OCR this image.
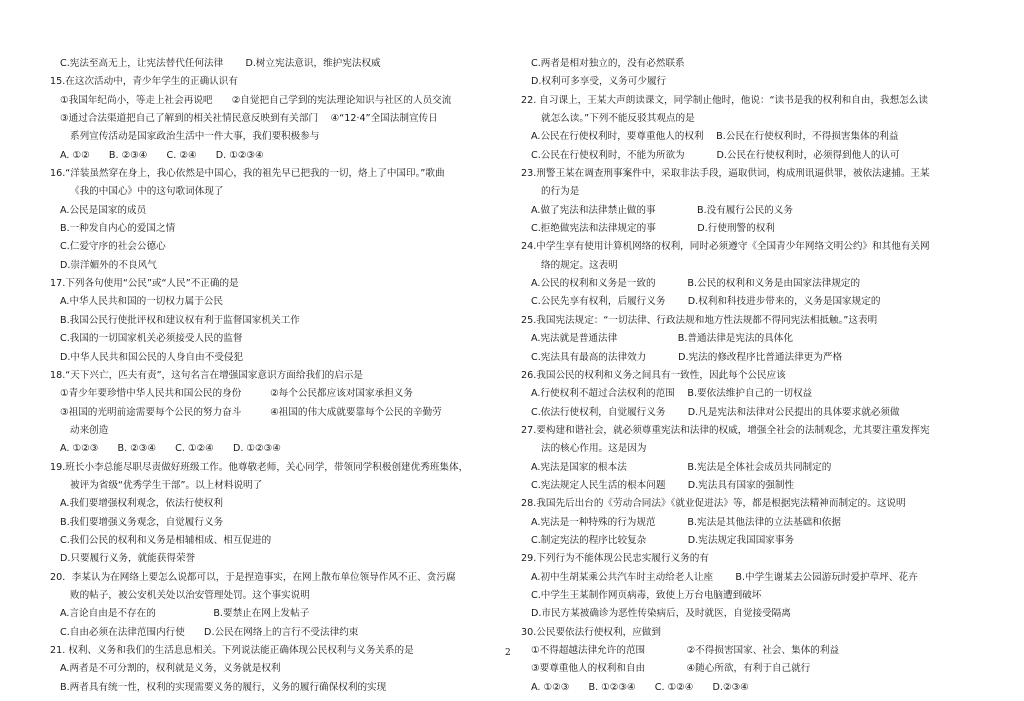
C.宪法至高无上，让宪法替代任何法律　　 D.树立宪法意识，维护宪法权威
15.在这次活动中，青少年学生的正确认识有
①我国年纪尚小，等走上社会再说吧　　②自觉把自己学到的宪法理论知识与社区的人员交流
③通过合法渠道把自己了解到的相关社情民意反映到有关部门　 ④“12·4”全国法制宣传日
系列宣传活动是国家政治生活中一件大事，我们要积极参与
A. ①②　　B. ②③④　　C. ②④　　D. ①②③④
16.“洋装虽然穿在身上，我心依然是中国心，我的祖先早已把我的一切，烙上了中国印。”歌曲
《我的中国心》中的这句歌词体现了
A.公民是国家的成员
B.一种发自内心的爱国之情
C.仁爱守序的社会公德心
D.崇洋媚外的不良风气
17.下列各句使用“公民”或“人民”不正确的是
A.中华人民共和国的一切权力属于公民
B.我国公民行使批评权和建议权有利于监督国家机关工作
C.我国的一切国家机关必须接受人民的监督
D.中华人民共和国公民的人身自由不受侵犯
18.“天下兴亡，匹夫有责”，这句名言在增强国家意识方面给我们的启示是
①青少年要珍惜中华人民共和国公民的身份　　　②每个公民都应该对国家承担义务
③祖国的光明前途需要每个公民的努力奋斗　　　④祖国的伟大成就要靠每个公民的辛勤劳
动来创造
A. ①②③　　B. ②③④　　C. ①②④　　D. ①②③④
19.班长小李总能尽职尽责做好班级工作。他尊敬老师，关心同学，带领同学积极创建优秀班集体，
被评为省级“优秀学生干部”。以上材料说明了
A.我们要增强权利观念，依法行使权利
B.我们要增强义务观念，自觉履行义务
C.我们公民的权利和义务是相辅相成、相互促进的
D.只要履行义务，就能获得荣誉
20．李某认为在网络上要怎么说都可以，于是捏造事实，在网上散布单位领导作风不正、贪污腐
败的帖子，被公安机关处以治安管理处罚。这个事实说明
A.言论自由是不存在的　　　　　　B.要禁止在网上发帖子
C.自由必须在法律范围内行使　　D.公民在网络上的言行不受法律约束
21. 权利、义务和我们的生活息息相关。下列说法能正确体现公民权利与义务关系的是
A.两者是不可分割的，权利就是义务，义务就是权利
B.两者具有统一性，权利的实现需要义务的履行，义务的履行确保权利的实现
C.两者是相对独立的，没有必然联系
D.权利可多享受，义务可少履行
22. 自习课上，王某大声朗读课文，同学制止他时，他说：“读书是我的权利和自由，我想怎么读
就怎么读。”下列不能反驳其观点的是
A.公民在行使权利时，要尊重他人的权利　 B.公民在行使权利时，不得损害集体的利益
C.公民在行使权利时，不能为所欲为　　　 D.公民在行使权利时，必须得到他人的认可
23.刑警王某在调查刑事案件中，采取非法手段，逼取供词，构成刑讯逼供罪，被依法逮捕。王某
的行为是
A.做了宪法和法律禁止做的事　　　　 B.没有履行公民的义务
C.拒绝做宪法和法律规定的事　　　　 D.行使刑警的权利
24.中学生享有使用计算机网络的权利，同时必须遵守《全国青少年网络文明公约》和其他有关网
络的规定。这表明
A.公民的权利和义务是一致的　　　 B.公民的权利和义务是由国家法律规定的
C.公民先享有权利，后履行义务　　 D.权利和科技进步带来的，义务是国家规定的
25.我国宪法规定：“一切法律、行政法规和地方性法规都不得同宪法相抵触。”这表明
A.宪法就是普通法律　　　　　　 B.普通法律是宪法的具体化
C.宪法具有最高的法律效力　　　 D.宪法的修改程序比普通法律更为严格
26.我国公民的权利和义务之间具有一致性，因此每个公民应该
A.行使权利不超过合法权利的范围　 B.要依法维护自己的一切权益
C.依法行使权利，自觉履行义务　　 D.凡是宪法和法律对公民提出的具体要求就必须做
27.要构建和谐社会，就必须尊重宪法和法律的权威，增强全社会的法制观念，尤其要注重发挥宪
法的核心作用。这是因为
A.宪法是国家的根本法　　　　　　 B.宪法是全体社会成员共同制定的
C.宪法规定人民生活的根本问题　　 D.宪法具有国家的强制性
28.我国先后出台的《劳动合同法》《就业促进法》等，都是根据宪法精神而制定的。这说明
A.宪法是一种特殊的行为规范　　　 B.宪法是其他法律的立法基础和依据
C.制定宪法的程序比较复杂　　　　 D.宪法规定我国国家事务
29.下列行为不能体现公民忠实履行义务的有
A.初中生胡某乘公共汽车时主动给老人让座　　 B.中学生谢某去公园游玩时爱护草坪、花卉
C.中学生王某制作网页病毒，致使上万台电脑遭到破坏
D.市民方某被确诊为恶性传染病后，及时就医，自觉接受隔离
30.公民要依法行使权利，应做到
①不得超越法律允许的范围　　　　 ②不得损害国家、社会、集体的利益
③要尊重他人的权利和自由　　　　 ④随心所欲，有利于自己就行
A. ①②③　　B. ①②③④　　C. ①②④　　D.②③④
2
